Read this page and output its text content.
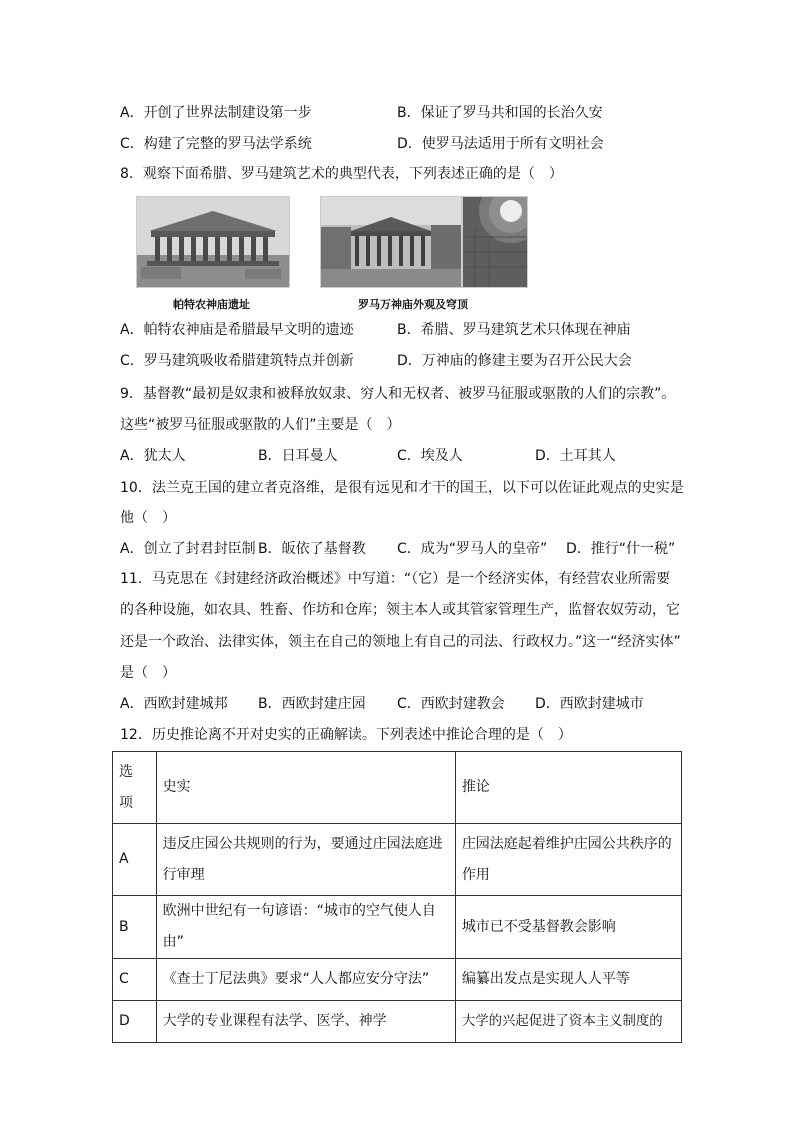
A．开创了世界法制建设第一步	B．保证了罗马共和国的长治久安
C．构建了完整的罗马法学系统	D．使罗马法适用于所有文明社会
8．观察下面希腊、罗马建筑艺术的典型代表，下列表述正确的是（　）
帕特农神庙遗址	罗马万神庙外观及穹顶
A．帕特农神庙是希腊最早文明的遗迹	B．希腊、罗马建筑艺术只体现在神庙
C．罗马建筑吸收希腊建筑特点并创新	D．万神庙的修建主要为召开公民大会
9．基督教“最初是奴隶和被释放奴隶、穷人和无权者、被罗马征服或驱散的人们的宗教”。
这些“被罗马征服或驱散的人们”主要是（　）
A．犹太人	B．日耳曼人	C．埃及人	D．土耳其人
10．法兰克王国的建立者克洛维，是很有远见和才干的国王，以下可以佐证此观点的史实是
他（　）
A．创立了封君封臣制 B．皈依了基督教 C．成为“罗马人的皇帝” D．推行“什一税”
11．马克思在《封建经济政治概述》中写道：“（它）是一个经济实体，有经营农业所需要
的各种设施，如农具、牲畜、作坊和仓库；领主本人或其管家管理生产，监督农奴劳动，它
还是一个政治、法律实体，领主在自己的领地上有自己的司法、行政权力。”这一“经济实体”
是（　）
A．西欧封建城邦 B．西欧封建庄园 C．西欧封建教会 D．西欧封建城市
12．历史推论离不开对史实的正确解读。下列表述中推论合理的是（　）
选
项	史实	推论
A	违反庄园公共规则的行为，要通过庄园法庭进行审理	庄园法庭起着维护庄园公共秩序的作用
B	欧洲中世纪有一句谚语：“城市的空气使人自由”	城市已不受基督教会影响
C	《查士丁尼法典》要求“人人都应安分守法”	编纂出发点是实现人人平等
D	大学的专业课程有法学、医学、神学	大学的兴起促进了资本主义制度的
